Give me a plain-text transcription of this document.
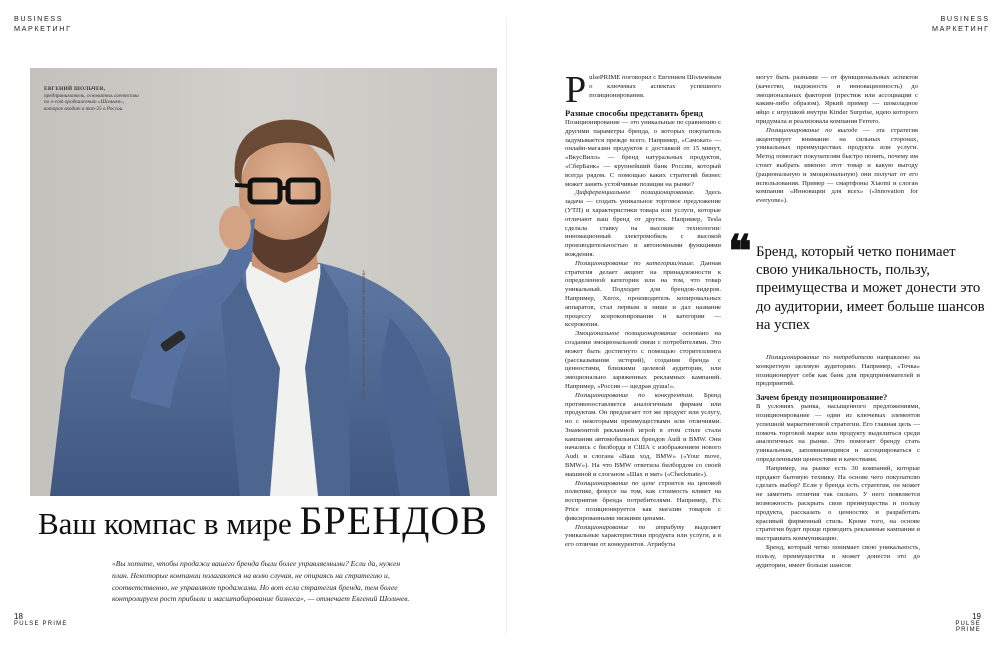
BUSINESS
МАРКЕТИНГ
ЕВГЕНИЙ ШОЛЬЧЕВ, предприниматель, основатель агентства по е-сот продвижению «Шольчев», которое входит в топ-25 в России
Фото предоставлено пресс-службой компании «Шольчев»
Ваш компас в мире БРЕНДОВ
«Вы хотите, чтобы продажи вашего бренда были более управляемыми? Если да, нужен план. Некоторые компании полагаются на волю случая, не опираясь на стратегию и, соответственно, не управляют продажами. Но вот если стратегия бренда, тем более контролируем рост прибыли и масштабирование бизнеса», — отмечает Евгений Шольчев.
18
PULSE PRIME
BUSINESS
МАРКЕТИНГ

PulsePRIME поговорил с Евгением Шольчевым о ключевых аспектах успешного позиционирования.

Разные способы представить бренд

Позиционирование — это уникальные по сравнению с другими параметры бренда, о которых покупатель задумывается прежде всего. Например, «Самокат» — онлайн-магазин продуктов с доставкой от 15 минут, «ВкусВилл» — бренд натуральных продуктов, «СберБанк» — крупнейший банк России, который всегда рядом. С помощью каких стратегий бизнес может занять устойчивые позиции на рынке?

Дифференциальное позиционирование. Здесь задача — создать уникальное торговое предложение (УТП) и характеристики товара или услуги, которые отличают ваш бренд от других. Например, Tesla сделала ставку на высокие технологии: инновационный электромобиль с высокой производительностью и автономными функциями вождения.

Позиционирование по категории/нише. Данная стратегия делает акцент на принадлежности к определенной категории или на том, что товар уникальный. Подходит для брендов-лидеров. Например, Xerox, производитель копировальных аппаратов, стал первым в нише и дал название процессу ксерокопирования и категории — ксерокопия.

Эмоциональное позиционирование основано на создании эмоциональной связи с потребителями. Это может быть достигнуто с помощью сторителлинга (рассказывания историй), создания бренда с ценностями, близкими целевой аудитории, или эмоционально заряженных рекламных кампаний. Например, «Россия — щедрая душа!».

Позиционирование по конкурентам. Бренд противопоставляется аналогичным фирмам или продуктам. Он предлагает тот же продукт или услугу, но с некоторыми преимуществами или отличиями. Знаменитой рекламной игрой в этом стиле стали кампании автомобильных брендов Audi и BMW. Они начались с билборда в США с изображением нового Audi и слогана «Ваш ход, BMW» («Your move, BMW»). На что BMW ответила билбордом со своей машиной и слоганом «Шах и мат» («Checkmate»).

Позиционирование по цене строится на ценовой политике, фокусе на том, как стоимость влияет на восприятие бренда потребителями. Например, Fix Price позиционируется как магазин товаров с фиксированными низкими ценами.

Позиционирование по атрибуту выделяет уникальные характеристики продукта или услуги, а в его отличие от конкурентов. Атрибуты

могут быть разными — от функциональных аспектов (качество, надежность и инновационность) до эмоциональных факторов (престиж или ассоциации с каким-либо образом). Яркий пример — шоколадное яйцо с игрушкой внутри Kinder Surprise, идею которого придумала и реализовала компания Ferrero.

Позиционирование по выгоде — эта стратегия акцентирует внимание на сильных сторонах, уникальных преимуществах продукта или услуги. Метод помогает покупателям быстро понять, почему им стоит выбрать именно этот товар и какую выгоду (рациональную и эмоциональную) они получат от его использования. Пример — смартфоны Xiaomi и слоган компании «Инновации для всех» («Innovation for everyone»).

❝ Бренд, который четко понимает свою уникальность, пользу, преимущества и может донести это до аудитории, имеет больше шансов на успех

Позиционирование по потребителю направлено на конкретную целевую аудиторию. Например, «Точка» позиционирует себя как банк для предпринимателей и предприятий.

Зачем бренду позиционирование?

В условиях рынка, насыщенного предложениями, позиционирование — один из ключевых элементов успешной маркетинговой стратегии. Его главная цель — помочь торговой марке или продукту выделиться среди аналогичных на рынке. Это помогает бренду стать уникальным, запоминающимся и ассоциироваться с определенными ценностями и качествами.

Например, на рынке есть 30 компаний, которые продают бытовую технику. На основе чего покупателю сделать выбор? Если у бренда есть стратегия, он может не заметить отличия так сильно. У него появляется возможность раскрыть свои преимущества и пользу продукта, рассказать о ценностях и разработать красивый фирменный стиль. Кроме того, на основе стратегии будет проще проводить рекламные кампании и выстраивать коммуникацию.

Бренд, который четко понимает свою уникальность, пользу, преимущества и может донести это до аудитории, имеет больше шансов

19
PULSE PRIME
